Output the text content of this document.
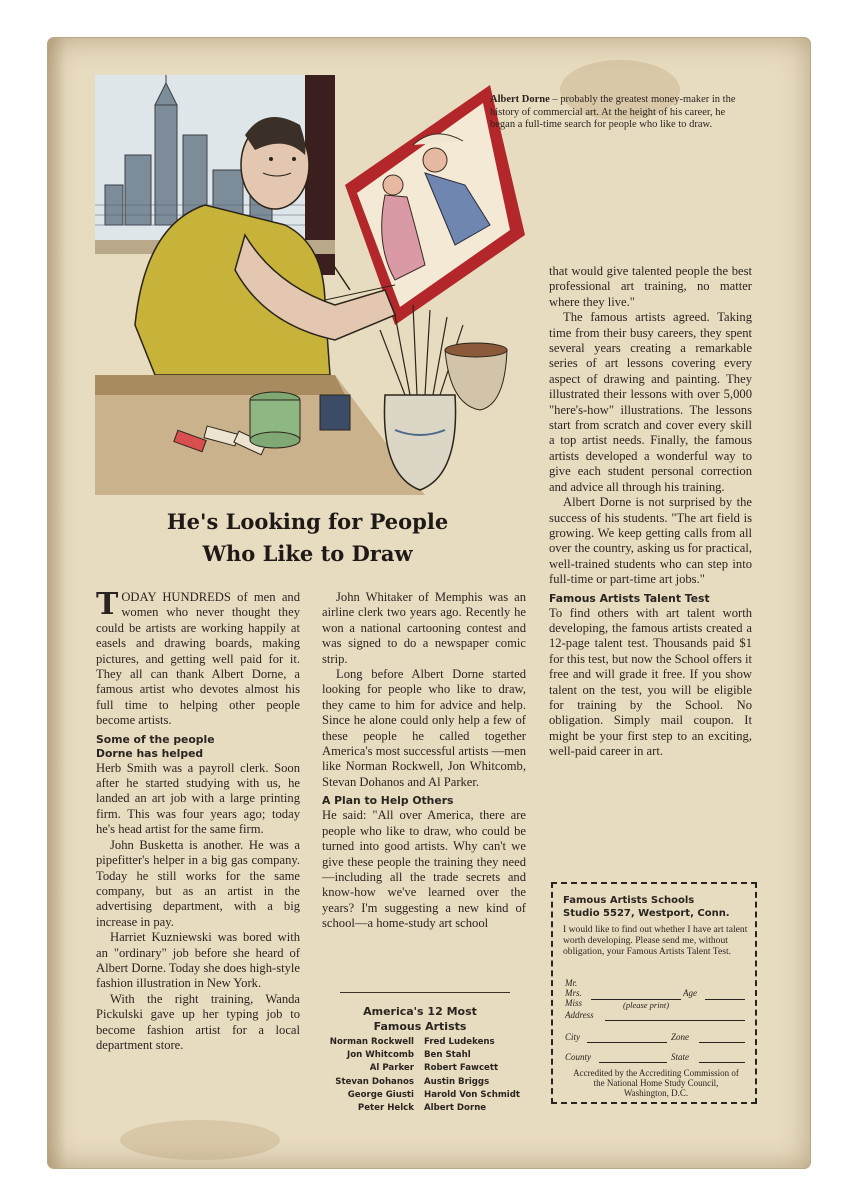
Albert Dorne – probably the greatest money-maker in the history of commercial art. At the height of his career, he began a full-time search for people who like to draw.
He's Looking for People
Who Like to Draw

TODAY HUNDREDS of men and women who never thought they could be artists are working happily at easels and drawing boards, making pictures, and getting well paid for it. They all can thank Albert Dorne, a famous artist who devotes almost his full time to helping other people become artists.

Some of the people
Dorne has helped

Herb Smith was a payroll clerk. Soon after he started studying with us, he landed an art job with a large printing firm. This was four years ago; today he's head artist for the same firm.

John Busketta is another. He was a pipefitter's helper in a big gas company. Today he still works for the same company, but as an artist in the advertising department, with a big increase in pay.

Harriet Kuzniewski was bored with an "ordinary" job before she heard of Albert Dorne. Today she does high-style fashion illustration in New York.

With the right training, Wanda Pickulski gave up her typing job to become fashion artist for a local department store.

John Whitaker of Memphis was an airline clerk two years ago. Recently he won a national cartooning contest and was signed to do a newspaper comic strip.

Long before Albert Dorne started looking for people who like to draw, they came to him for advice and help. Since he alone could only help a few of these people he called together America's most successful artists —men like Norman Rockwell, Jon Whitcomb, Stevan Dohanos and Al Parker.

A Plan to Help Others

He said: "All over America, there are people who like to draw, who could be turned into good artists. Why can't we give these people the training they need—including all the trade secrets and know-how we've learned over the years? I'm suggesting a new kind of school—a home-study art school

America's 12 Most
Famous Artists
Norman Rockwell
Jon Whitcomb
Al Parker
Stevan Dohanos
George Giusti
Peter Helck
Fred Ludekens
Ben Stahl
Robert Fawcett
Austin Briggs
Harold Von Schmidt
Albert Dorne

that would give talented people the best professional art training, no matter where they live."

The famous artists agreed. Taking time from their busy careers, they spent several years creating a remarkable series of art lessons covering every aspect of drawing and painting. They illustrated their lessons with over 5,000 "here's-how" illustrations. The lessons start from scratch and cover every skill a top artist needs. Finally, the famous artists developed a wonderful way to give each student personal correction and advice all through his training.

Albert Dorne is not surprised by the success of his students. "The art field is growing. We keep getting calls from all over the country, asking us for practical, well-trained students who can step into full-time or part-time art jobs."

Famous Artists Talent Test

To find others with art talent worth developing, the famous artists created a 12-page talent test. Thousands paid $1 for this test, but now the School offers it free and will grade it free. If you show talent on the test, you will be eligible for training by the School. No obligation. Simply mail coupon. It might be your first step to an exciting, well-paid career in art.

Famous Artists Schools
Studio 5527, Westport, Conn.
I would like to find out whether I have art talent worth developing. Please send me, without obligation, your Famous Artists Talent Test.
Mr.
Mrs.
Miss
Age
(please print)
Address
City	Zone
County	State
Accredited by the Accrediting Commission of the National Home Study Council, Washington, D.C.
